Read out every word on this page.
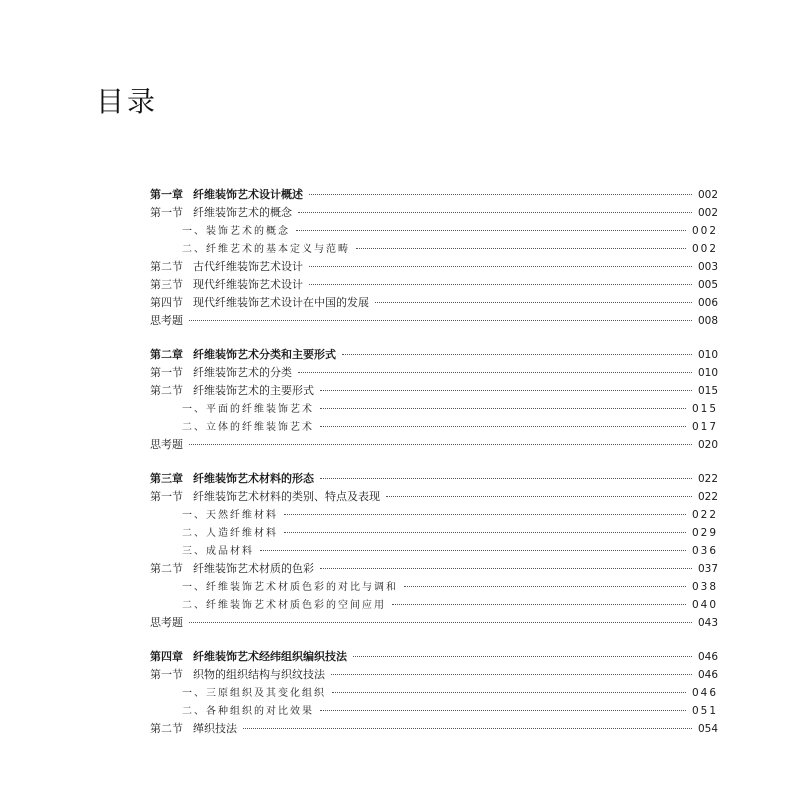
目录
第一章 纤维装饰艺术设计概述	002
第一节 纤维装饰艺术的概念	002
一、装饰艺术的概念	002
二、纤维艺术的基本定义与范畴	002
第二节 古代纤维装饰艺术设计	003
第三节 现代纤维装饰艺术设计	005
第四节 现代纤维装饰艺术设计在中国的发展	006
思考题	008
第二章 纤维装饰艺术分类和主要形式	010
第一节 纤维装饰艺术的分类	010
第二节 纤维装饰艺术的主要形式	015
一、平面的纤维装饰艺术	015
二、立体的纤维装饰艺术	017
思考题	020
第三章 纤维装饰艺术材料的形态	022
第一节 纤维装饰艺术材料的类别、特点及表现	022
一、天然纤维材料	022
二、人造纤维材料	029
三、成品材料	036
第二节 纤维装饰艺术材质的色彩	037
一、纤维装饰艺术材质色彩的对比与调和	038
二、纤维装饰艺术材质色彩的空间应用	040
思考题	043
第四章 纤维装饰艺术经纬组织编织技法	046
第一节 织物的组织结构与织纹技法	046
一、三原组织及其变化组织	046
二、各种组织的对比效果	051
第二节 缂织技法	054
